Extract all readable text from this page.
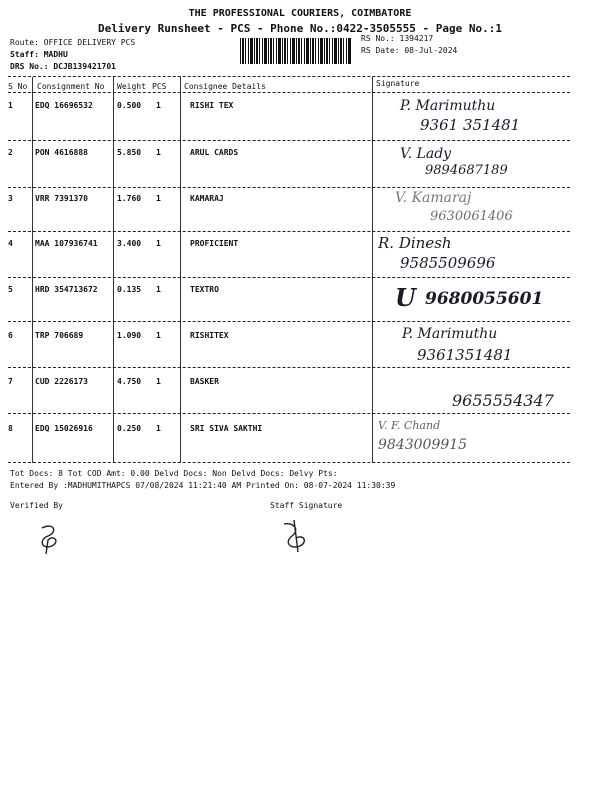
THE PROFESSIONAL COURIERS, COIMBATORE
Delivery Runsheet - PCS - Phone No.:0422-3505555 - Page No.:1
Route: OFFICE DELIVERY PCS
Staff: MADHU
DRS No.: DCJB139421701
RS No.: 1394217
RS Date: 08-Jul-2024
S No Consignment No Weight PCS Consignee Details	Signature
1	EDQ 16696532	0.500 1	RISHI TEX	P. Marimuthu
9361 351481
2	PON 4616888	5.850 1	ARUL CARDS	V. Lady
9894687189
3	VRR 7391370	1.760 1	KAMARAJ	V. Kamaraj
9630061406
4	MAA 107936741 3.400 1	PROFICIENT	R. Dinesh
9585509696
5	HRD 354713672 0.135 1	TEXTRO	U 9680055601
6	TRP 706689	1.090 1	RISHITEX	P. Marimuthu
9361351481
7	CUD 2226173	4.750 1	BASKER
9655554347
8	EDQ 15026916	0.250 1	SRI SIVA SAKTHI	V. F. Chand
9843009915
Tot Docs: 8 Tot COD Amt: 0.00 Delvd Docs: Non Delvd Docs: Delvy Pts:
Entered By :MADHUMITHAPCS 07/08/2024 11:21:40 AM Printed On: 08-07-2024 11:30:39
Verified By	Staff Signature
